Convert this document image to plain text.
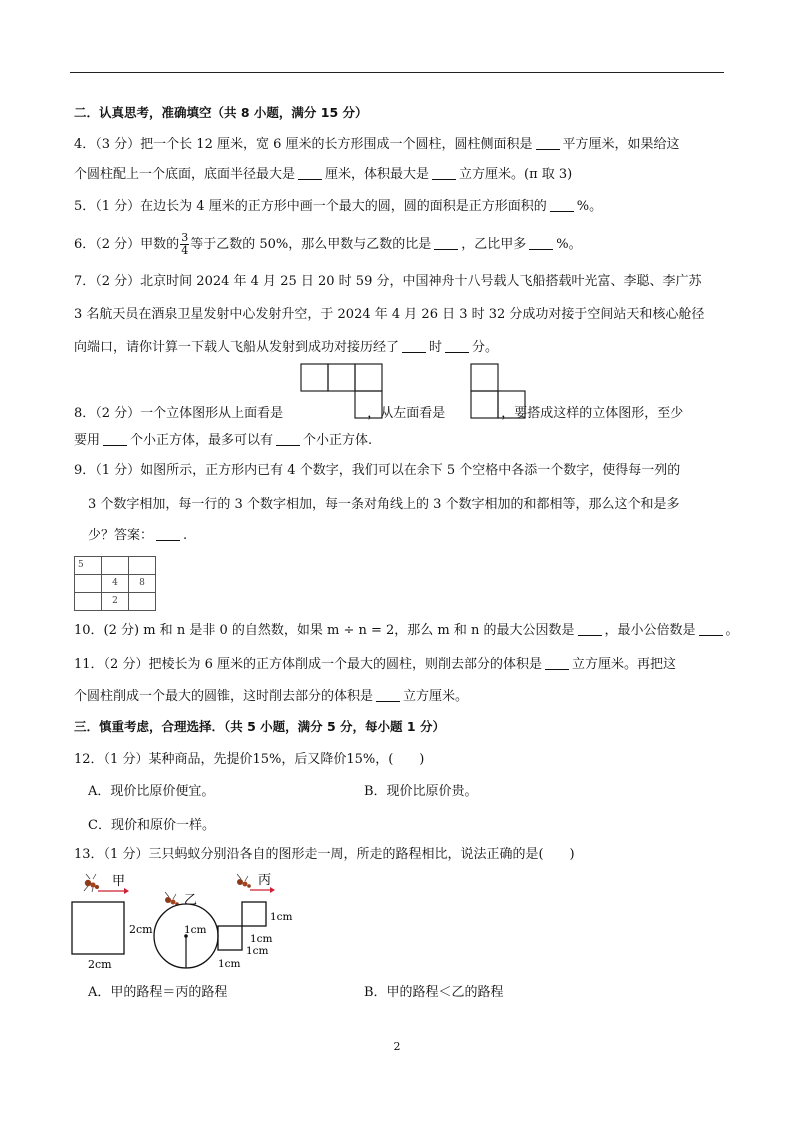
二．认真思考，准确填空（共 8 小题，满分 15 分）
4．（3 分）把一个长 12 厘米，宽 6 厘米的长方形围成一个圆柱，圆柱侧面积是 平方厘米，如果给这
个圆柱配上一个底面，底面半径最大是 厘米，体积最大是 立方厘米。(π 取 3)
5．（1 分）在边长为 4 厘米的正方形中画一个最大的圆，圆的面积是正方形面积的 %。
6．（2 分）甲数的 $\frac{3}{4}$ 等于乙数的 50%，那么甲数与乙数的比是 ，乙比甲多 %。
7．（2 分）北京时间 2024 年 4 月 25 日 20 时 59 分，中国神舟十八号载人飞船搭载叶光富、李聪、李广苏
3 名航天员在酒泉卫星发射中心发射升空，于 2024 年 4 月 26 日 3 时 32 分成功对接于空间站天和核心舱径
向端口，请你计算一下载人飞船从发射到成功对接历经了 时 分。
8．（2 分）一个立体图形从上面看是	，从左面看是	，要搭成这样的立体图形，至少
要用 个小正方体，最多可以有 个小正方体.
9．（1 分）如图所示，正方形内已有 4 个数字，我们可以在余下 5 个空格中各添一个数字，使得每一列的
3 个数字相加，每一行的 3 个数字相加，每一条对角线上的 3 个数字相加的和都相等，那么这个和是多
少？答案： .
5		

	4	8

	2	

10．(2 分) m 和 n 是非 0 的自然数，如果 m ÷ n = 2，那么 m 和 n 的最大公因数是 ，最小公倍数是 。
11．（2 分）把棱长为 6 厘米的正方体削成一个最大的圆柱，则削去部分的体积是 立方厘米。再把这
个圆柱削成一个最大的圆锥，这时削去部分的体积是 立方厘米。
三．慎重考虑，合理选择．（共 5 小题，满分 5 分，每小题 1 分）
12．（1 分）某种商品，先提价15%，后又降价15%，(　　)
A．现价比原价便宜。	B．现价比原价贵。
C．现价和原价一样。
13．（1 分）三只蚂蚁分别沿各自的图形走一周，所走的路程相比，说法正确的是(　　)
甲
2cm
2cm
乙
1cm
丙
1cm
1cm
1cm
1cm
A．甲的路程＝丙的路程	B．甲的路程＜乙的路程
2
